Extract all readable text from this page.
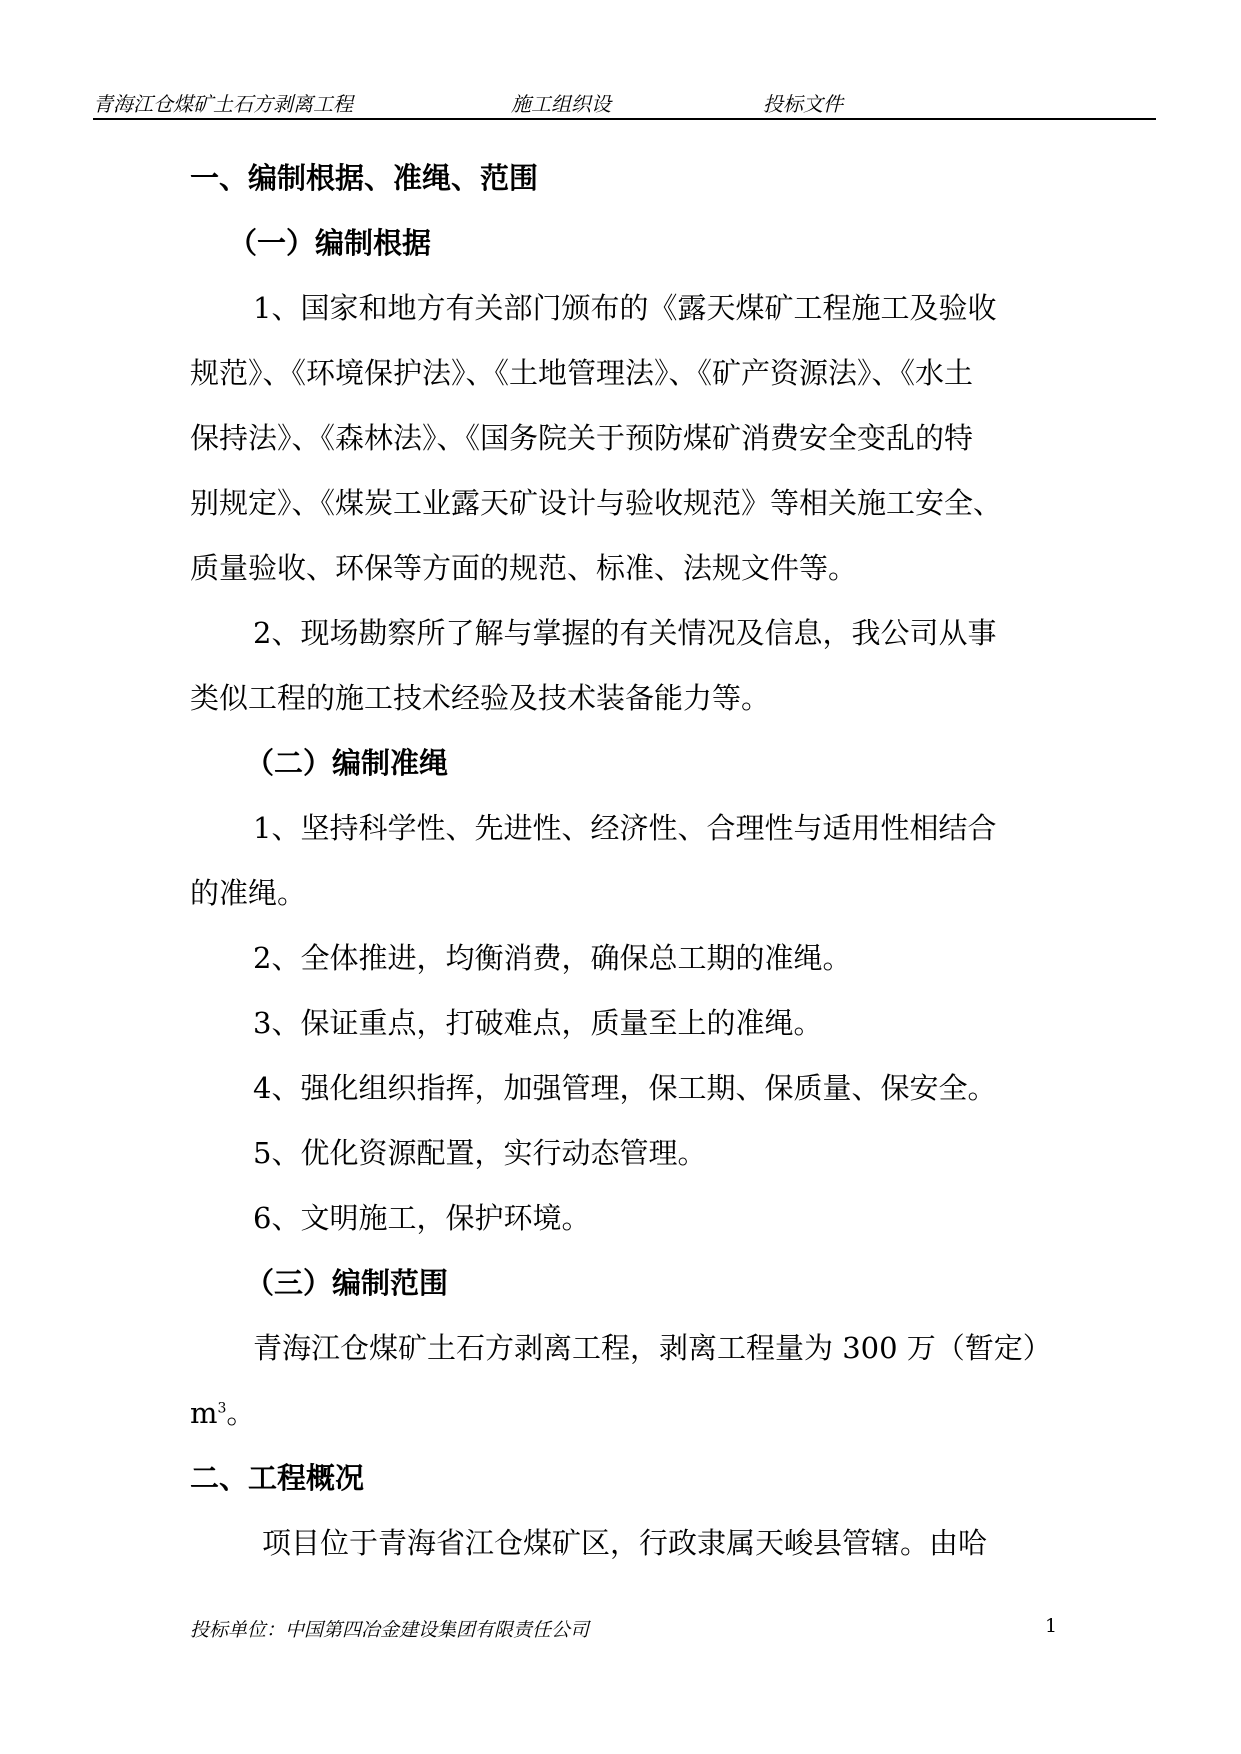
青海江仓煤矿土石方剥离工程	施工组织设	投标文件
一、编制根据、准绳、范围
（一）编制根据
1、国家和地方有关部门颁布的《露天煤矿工程施工及验收
规范》、《环境保护法》、《土地管理法》、《矿产资源法》、《水土
保持法》、《森林法》、《国务院关于预防煤矿消费安全变乱的特
别规定》、《煤炭工业露天矿设计与验收规范》等相关施工安全、
质量验收、环保等方面的规范、标准、法规文件等。
2、现场勘察所了解与掌握的有关情况及信息，我公司从事
类似工程的施工技术经验及技术装备能力等。
（二）编制准绳
1、坚持科学性、先进性、经济性、合理性与适用性相结合
的准绳。
2、全体推进，均衡消费，确保总工期的准绳。
3、保证重点，打破难点，质量至上的准绳。
4、强化组织指挥，加强管理，保工期、保质量、保安全。
5、优化资源配置，实行动态管理。
6、文明施工，保护环境。
（三）编制范围
青海江仓煤矿土石方剥离工程，剥离工程量为 300 万（暂定）
$m^3$。
二、工程概况
项目位于青海省江仓煤矿区，行政隶属天峻县管辖。由哈
投标单位：中国第四冶金建设集团有限责任公司	1
